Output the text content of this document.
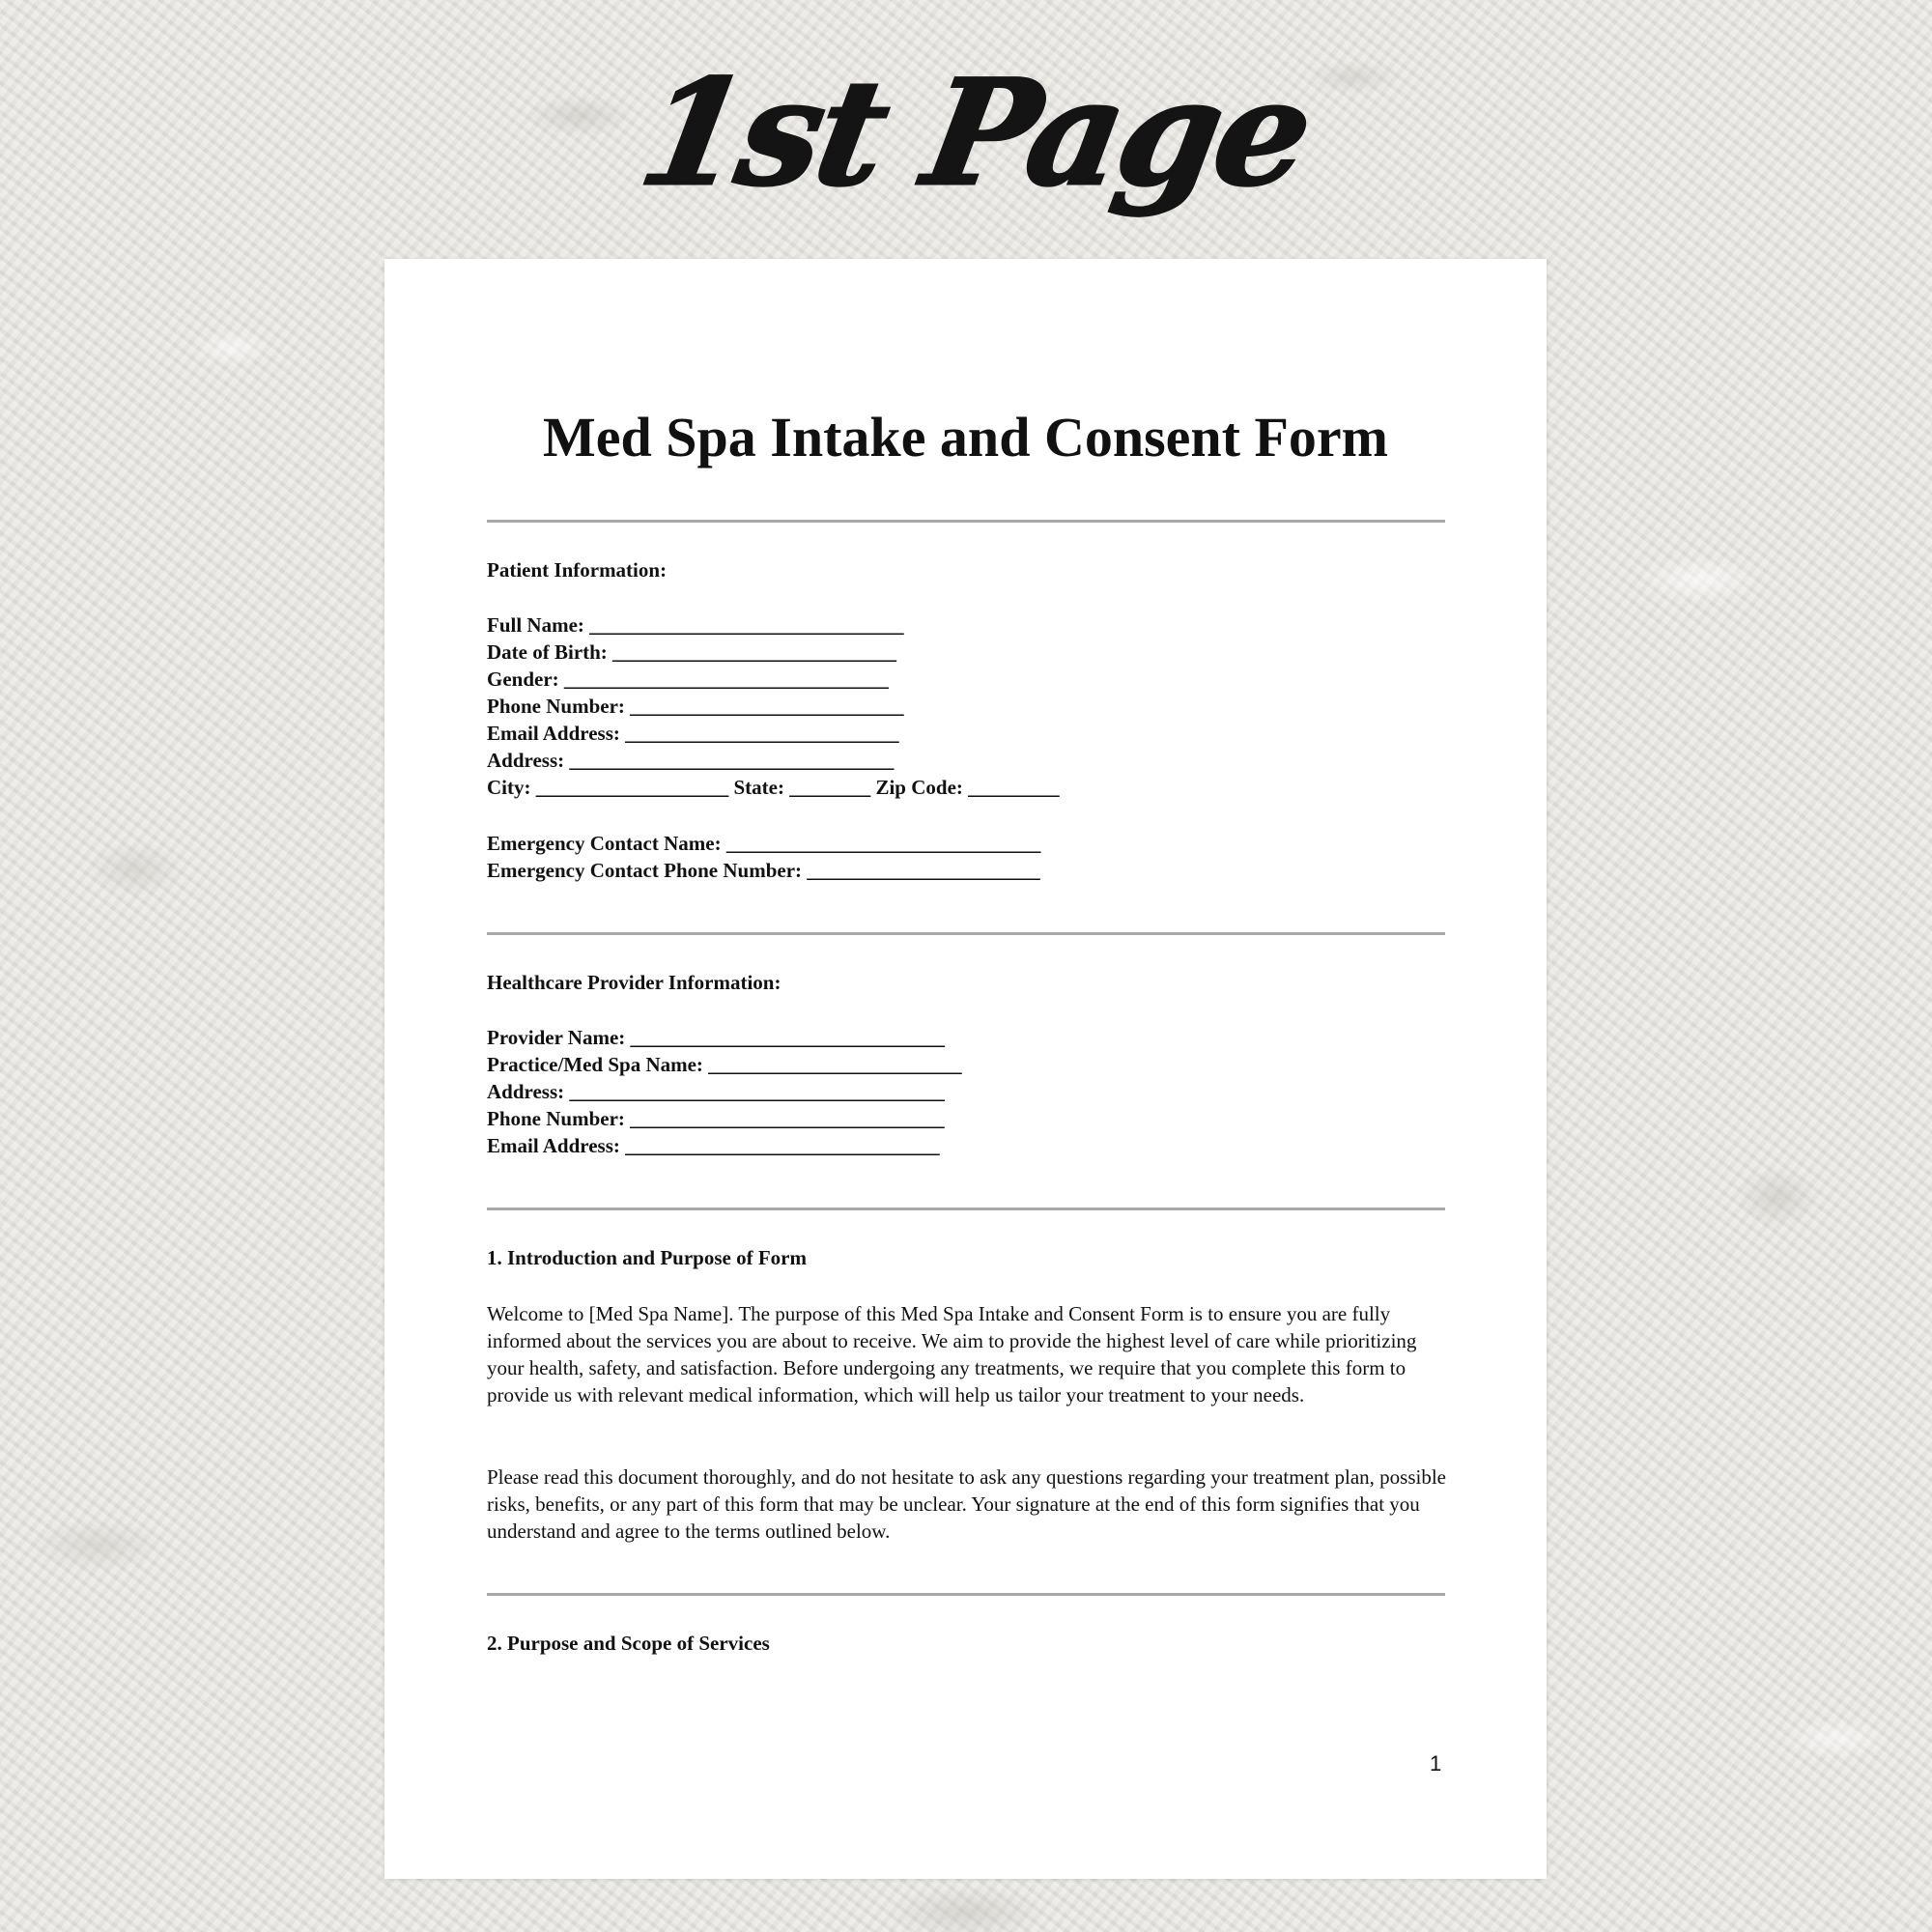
1st Page
Med Spa Intake and Consent Form

Patient Information:

Full Name: _______________________________
Date of Birth: ____________________________
Gender: ________________________________
Phone Number: ___________________________
Email Address: ___________________________
Address: ________________________________
City: ___________________ State: ________ Zip Code: _________
Emergency Contact Name: _______________________________
Emergency Contact Phone Number: _______________________

Healthcare Provider Information:

Provider Name: _______________________________
Practice/Med Spa Name: _________________________
Address: _____________________________________
Phone Number: _______________________________
Email Address: _______________________________

1. Introduction and Purpose of Form

Welcome to [Med Spa Name]. The purpose of this Med Spa Intake and Consent Form is to ensure you are fully informed about the services you are about to receive. We aim to provide the highest level of care while prioritizing your health, safety, and satisfaction. Before undergoing any treatments, we require that you complete this form to provide us with relevant medical information, which will help us tailor your treatment to your needs.

Please read this document thoroughly, and do not hesitate to ask any questions regarding your treatment plan, possible risks, benefits, or any part of this form that may be unclear. Your signature at the end of this form signifies that you understand and agree to the terms outlined below.

2. Purpose and Scope of Services

1
